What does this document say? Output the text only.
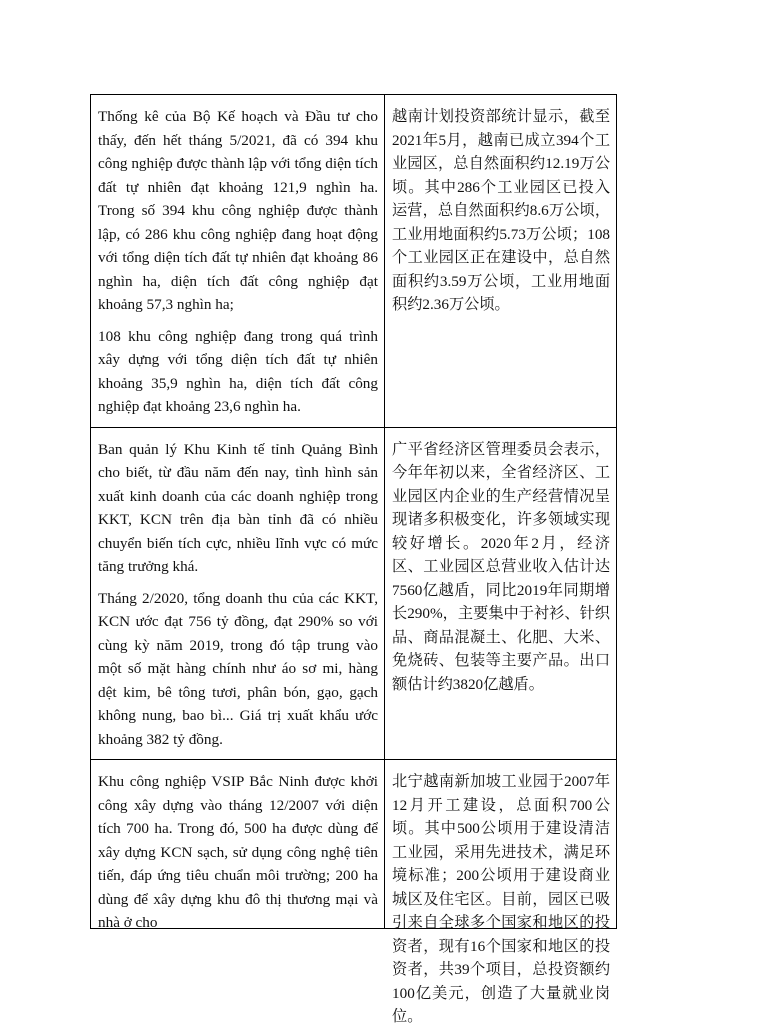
Thống kê của Bộ Kế hoạch và Đầu tư cho thấy, đến hết tháng 5/2021, đã có 394 khu công nghiệp được thành lập với tổng diện tích đất tự nhiên đạt khoảng 121,9 nghìn ha. Trong số 394 khu công nghiệp được thành lập, có 286 khu công nghiệp đang hoạt động với tổng diện tích đất tự nhiên đạt khoảng 86 nghìn ha, diện tích đất công nghiệp đạt khoảng 57,3 nghìn ha;

108 khu công nghiệp đang trong quá trình xây dựng với tổng diện tích đất tự nhiên khoảng 35,9 nghìn ha, diện tích đất công nghiệp đạt khoảng 23,6 nghìn ha.	越南计划投资部统计显示，截至2021年5月，越南已成立394个工业园区，总自然面积约12.19万公顷。其中286个工业园区已投入运营，总自然面积约8.6万公顷，工业用地面积约5.73万公顷；108个工业园区正在建设中，总自然面积约3.59万公顷，工业用地面积约2.36万公顷。

Ban quản lý Khu Kinh tế tỉnh Quảng Bình cho biết, từ đầu năm đến nay, tình hình sản xuất kinh doanh của các doanh nghiệp trong KKT, KCN trên địa bàn tỉnh đã có nhiều chuyển biến tích cực, nhiều lĩnh vực có mức tăng trưởng khá.

Tháng 2/2020, tổng doanh thu của các KKT, KCN ước đạt 756 tỷ đồng, đạt 290% so với cùng kỳ năm 2019, trong đó tập trung vào một số mặt hàng chính như áo sơ mi, hàng dệt kim, bê tông tươi, phân bón, gạo, gạch không nung, bao bì... Giá trị xuất khẩu ước khoảng 382 tỷ đồng.	广平省经济区管理委员会表示，今年年初以来，全省经济区、工业园区内企业的生产经营情况呈现诸多积极变化，许多领域实现较好增长。2020年2月，经济区、工业园区总营业收入估计达7560亿越盾，同比2019年同期增长290%，主要集中于衬衫、针织品、商品混凝土、化肥、大米、免烧砖、包装等主要产品。出口额估计约3820亿越盾。

Khu công nghiệp VSIP Bắc Ninh được khởi công xây dựng vào tháng 12/2007 với diện tích 700 ha. Trong đó, 500 ha được dùng để xây dựng KCN sạch, sử dụng công nghệ tiên tiến, đáp ứng tiêu chuẩn môi trường; 200 ha dùng để xây dựng khu đô thị thương mại và nhà ở cho	北宁越南新加坡工业园于2007年12月开工建设，总面积700公顷。其中500公顷用于建设清洁工业园，采用先进技术，满足环境标准；200公顷用于建设商业城区及住宅区。目前，园区已吸引来自全球多个国家和地区的投资者，现有16个国家和地区的投资者，共39个项目，总投资额约100亿美元，创造了大量就业岗位。
